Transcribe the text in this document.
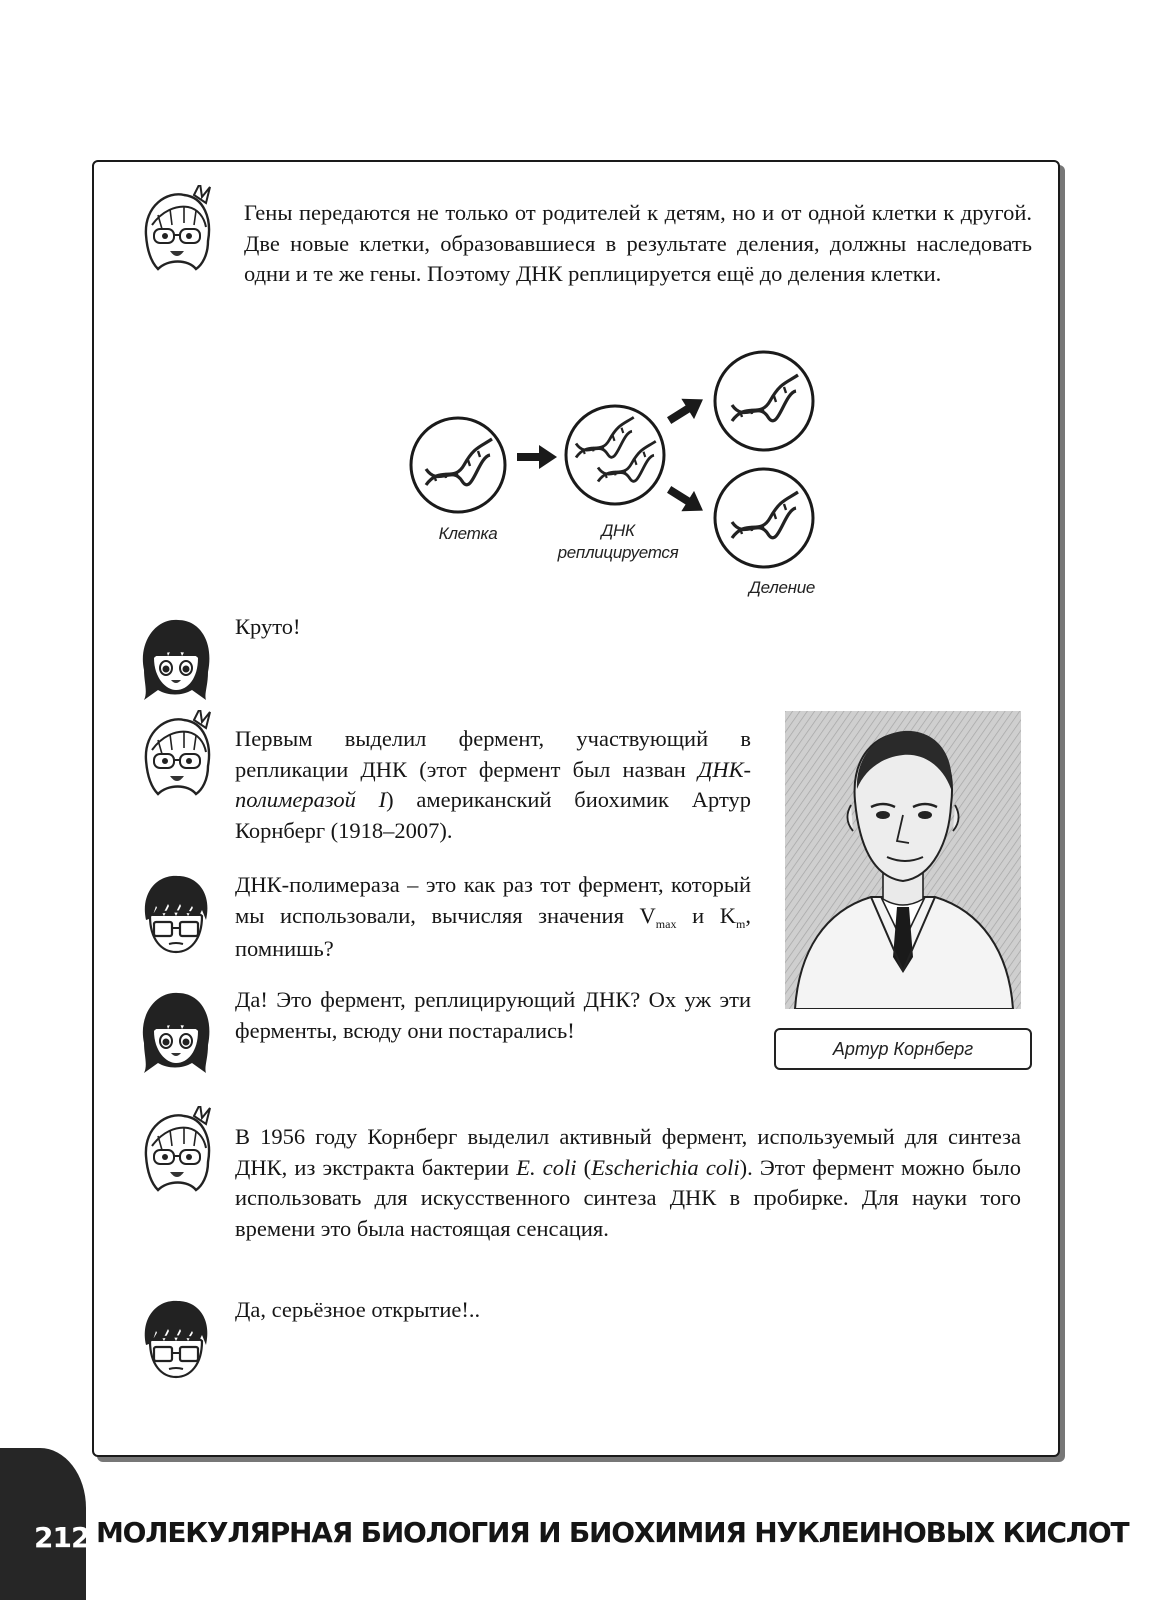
Гены передаются не только от родителей к детям, но и от одной клетки к другой. Две новые клетки, образовавшиеся в результате деления, должны наследовать одни и те же гены. Поэтому ДНК реплицируется ещё до деления клетки.
Клетка	ДНК
реплицируется
Деление
Круто!
Первым выделил фермент, участвующий в репликации ДНК (этот фермент был назван ДНК-полимеразой I) американский биохимик Артур Корнберг (1918–2007).
ДНК-полимераза – это как раз тот фермент, который мы использовали, вычисляя значения $V_{max}$ и $K_m$, помнишь?
Да! Это фермент, реплицирующий ДНК? Ох уж эти ферменты, всюду они постарались!
Артур Корнберг
В 1956 году Корнберг выделил активный фермент, используемый для синтеза ДНК, из экстракта бактерии E. coli (Escherichia coli). Этот фермент можно было использовать для искусственного синтеза ДНК в пробирке. Для науки того времени это была настоящая сенсация.
Да, серьёзное открытие!..
212 МОЛЕКУЛЯРНАЯ БИОЛОГИЯ И БИОХИМИЯ НУКЛЕИНОВЫХ КИСЛОТ
